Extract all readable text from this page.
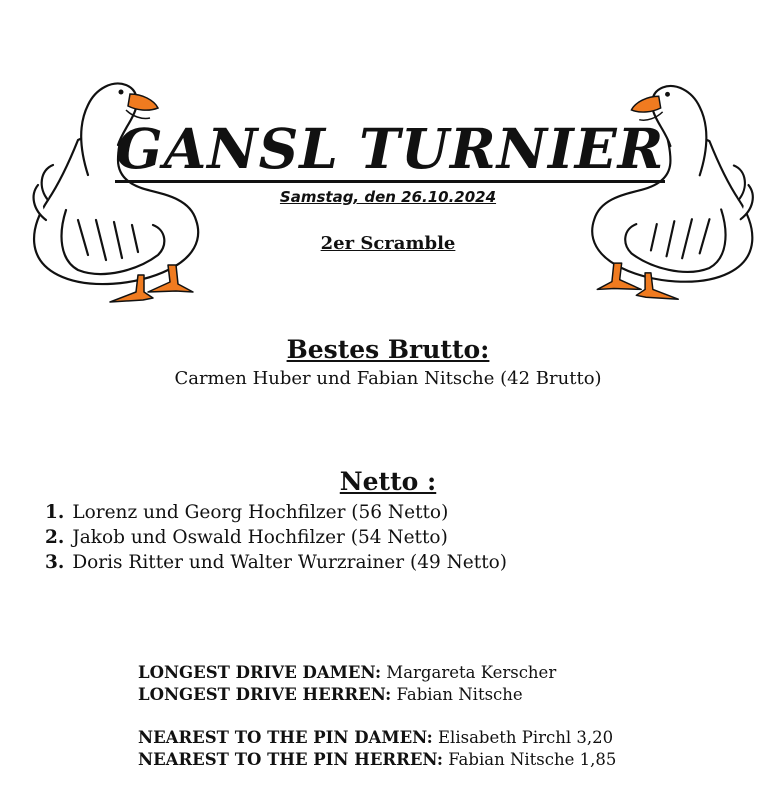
GANSL TURNIER
Samstag, den 26.10.2024
2er Scramble
Bestes Brutto:
Carmen Huber und Fabian Nitsche (42 Brutto)
Netto :
1. Lorenz und Georg Hochfilzer (56 Netto)
2. Jakob und Oswald Hochfilzer (54 Netto)
3. Doris Ritter und Walter Wurzrainer (49 Netto)
LONGEST DRIVE DAMEN: Margareta Kerscher
LONGEST DRIVE HERREN: Fabian Nitsche
NEAREST TO THE PIN DAMEN: Elisabeth Pirchl 3,20
NEAREST TO THE PIN HERREN: Fabian Nitsche 1,85
